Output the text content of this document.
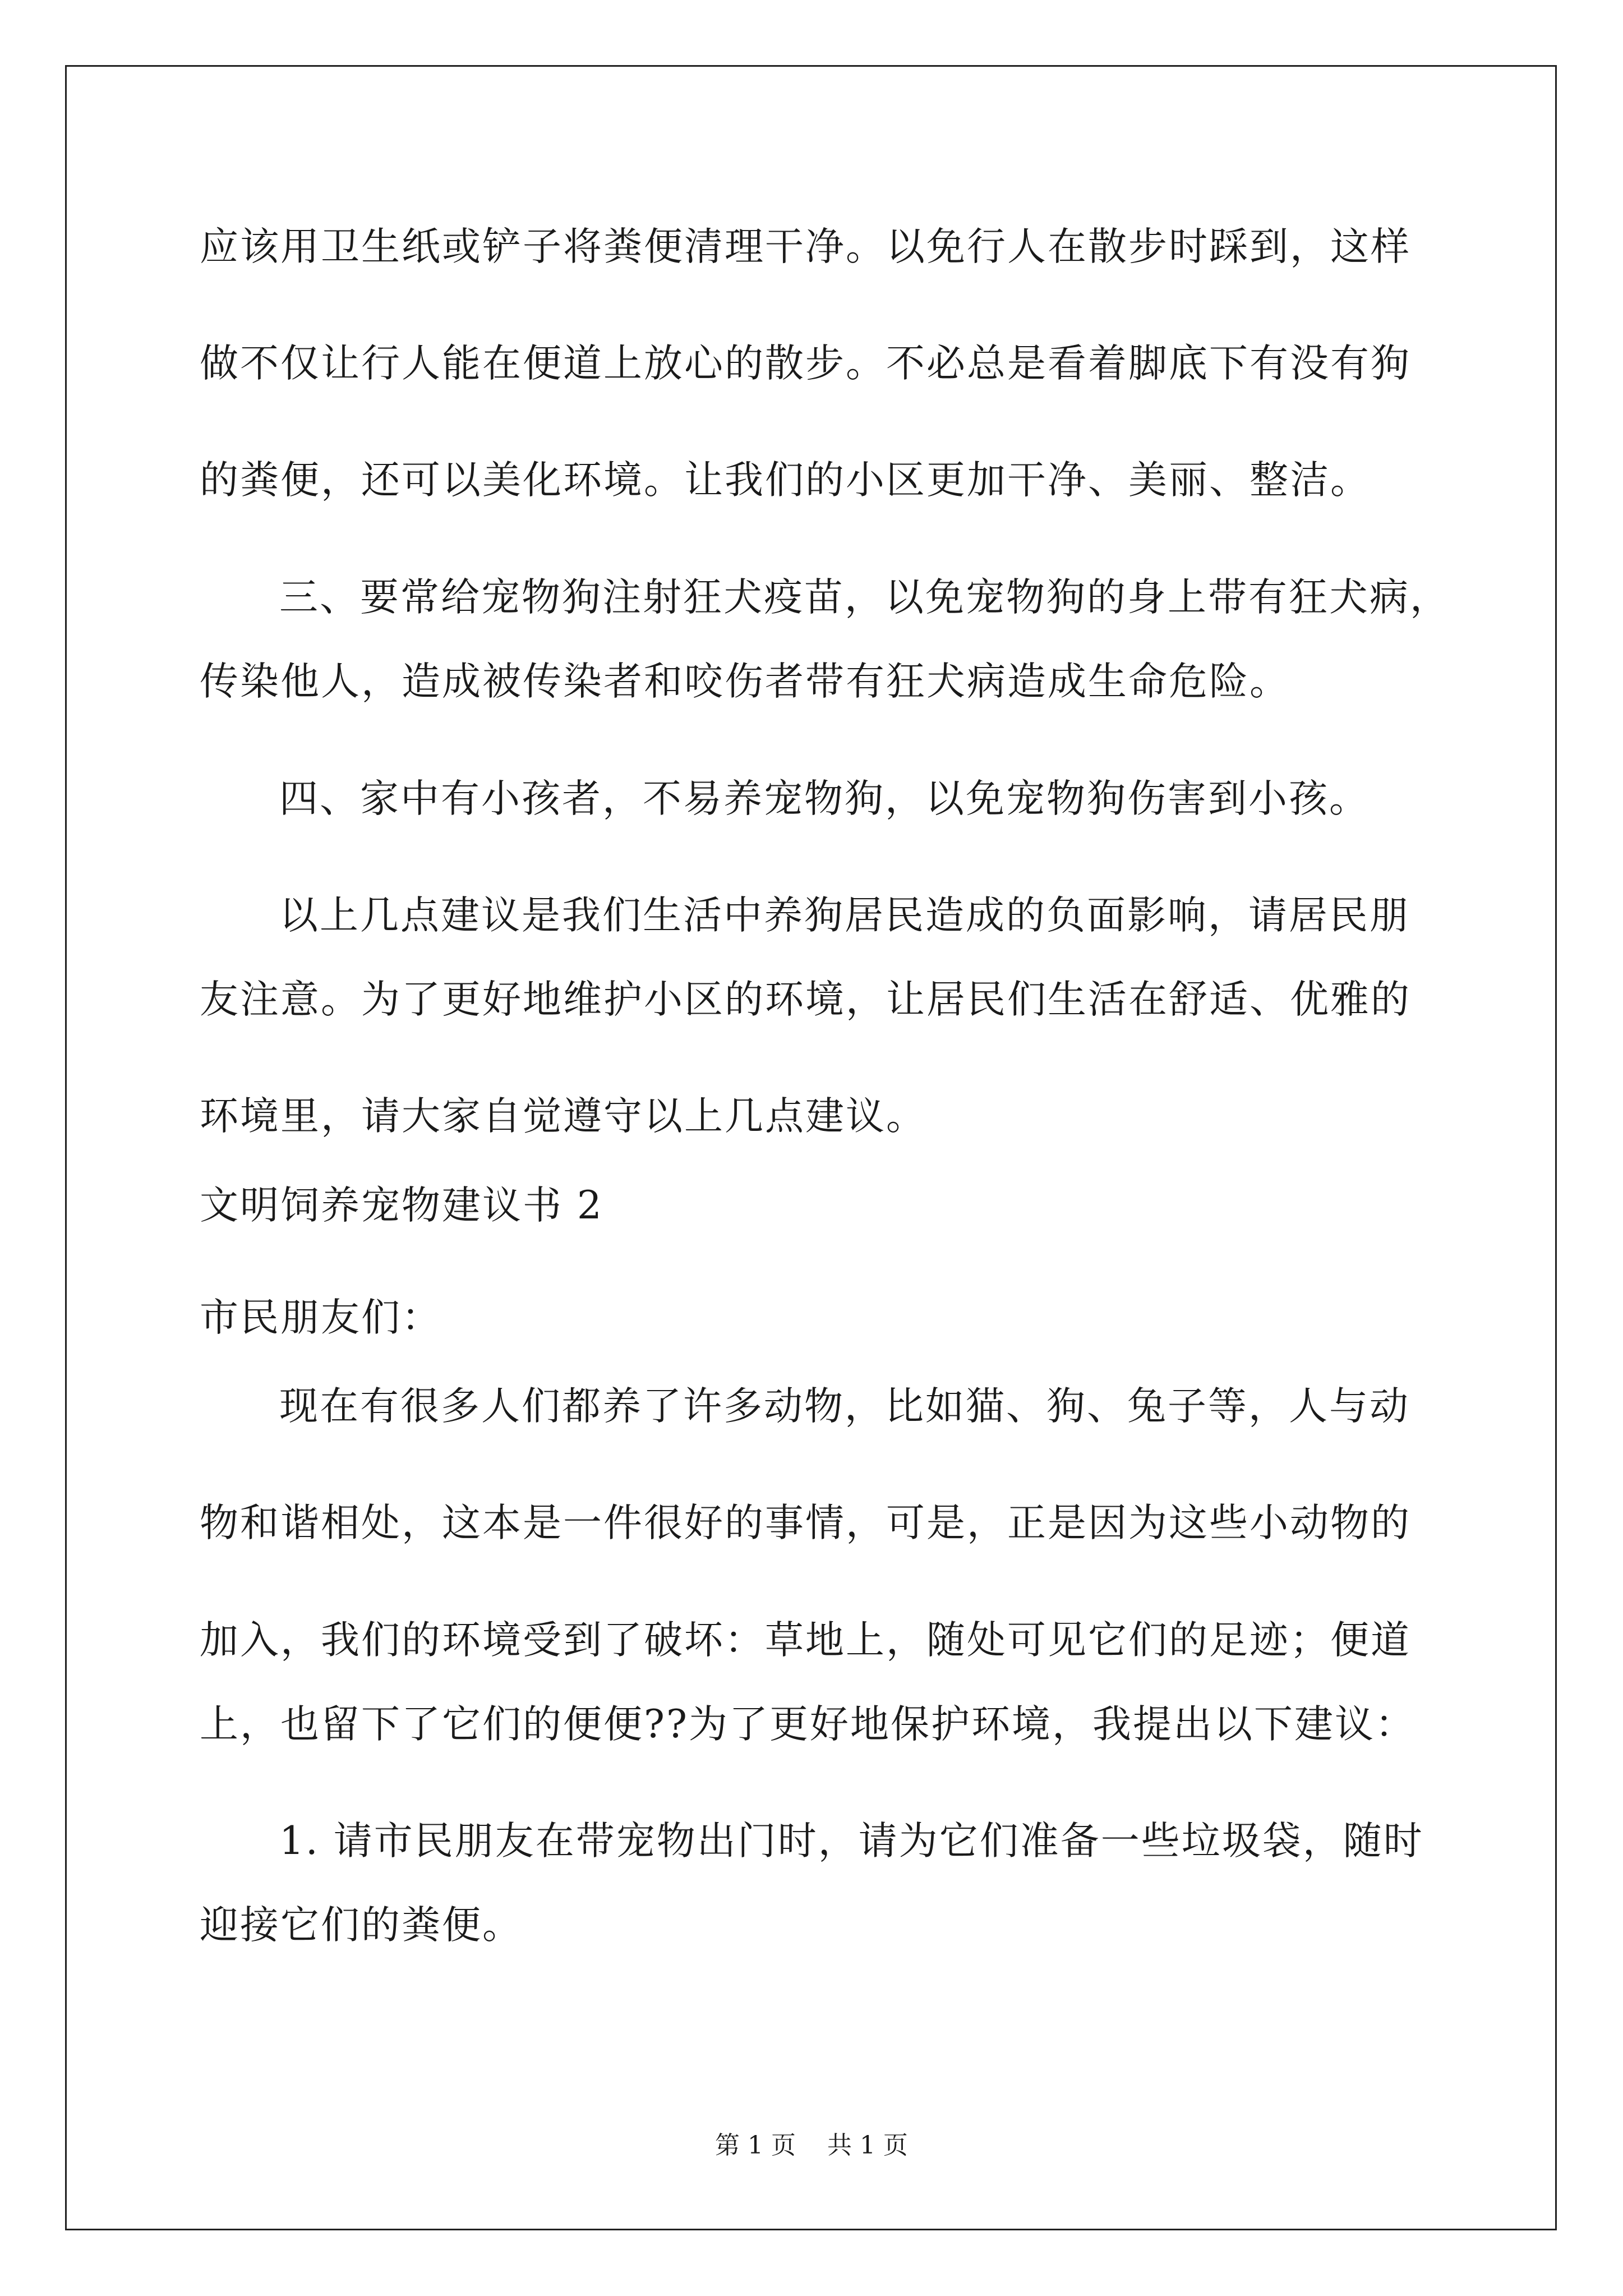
应该用卫生纸或铲子将粪便清理干净。以免行人在散步时踩到，这样
做不仅让行人能在便道上放心的散步。不必总是看着脚底下有没有狗
的粪便，还可以美化环境。让我们的小区更加干净、美丽、整洁。
三、要常给宠物狗注射狂犬疫苗，以免宠物狗的身上带有狂犬病，
传染他人，造成被传染者和咬伤者带有狂犬病造成生命危险。
四、家中有小孩者，不易养宠物狗，以免宠物狗伤害到小孩。
以上几点建议是我们生活中养狗居民造成的负面影响，请居民朋
友注意。为了更好地维护小区的环境，让居民们生活在舒适、优雅的
环境里，请大家自觉遵守以上几点建议。
文明饲养宠物建议书 2
市民朋友们：
现在有很多人们都养了许多动物，比如猫、狗、兔子等，人与动
物和谐相处，这本是一件很好的事情，可是，正是因为这些小动物的
加入，我们的环境受到了破坏：草地上，随处可见它们的足迹；便道
上，也留下了它们的便便??为了更好地保护环境，我提出以下建议：
1. 请市民朋友在带宠物出门时，请为它们准备一些垃圾袋，随时
迎接它们的粪便。
第 1 页    共 1 页
